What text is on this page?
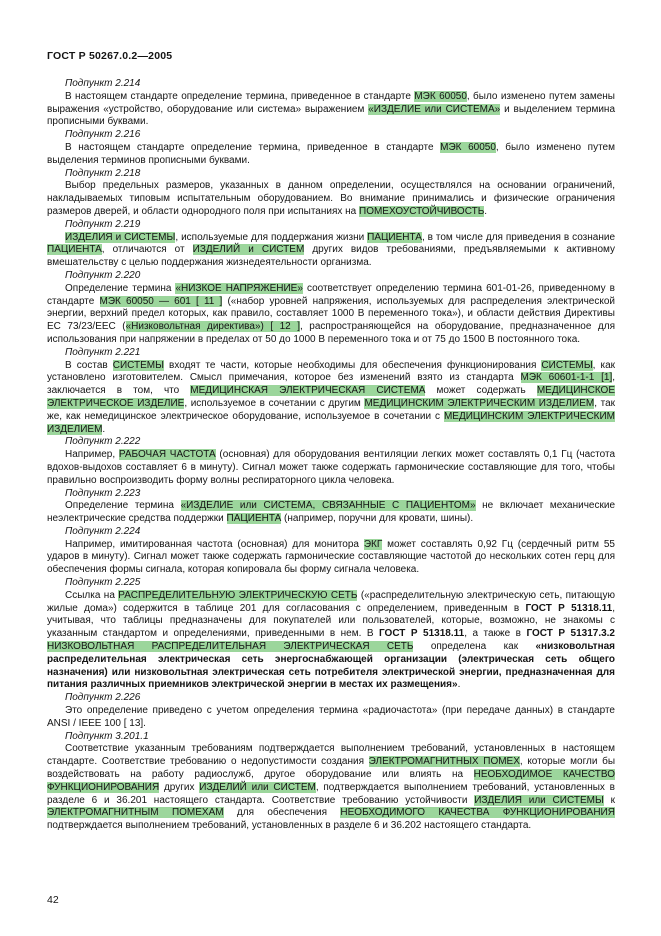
ГОСТ Р 50267.0.2—2005

Подпункт 2.214

В настоящем стандарте определение термина, приведенное в стандарте МЭК 60050, было изменено путем замены выражения «устройство, оборудование или система» выражением «ИЗДЕЛИЕ или СИСТЕМА» и выделением термина прописными буквами.

Подпункт 2.216

В настоящем стандарте определение термина, приведенное в стандарте МЭК 60050, было изменено путем выделения терминов прописными буквами.

Подпункт 2.218

Выбор предельных размеров, указанных в данном определении, осуществлялся на основании ограничений, накладываемых типовым испытательным оборудованием. Во внимание принимались и физические ограничения размеров дверей, и области однородного поля при испытаниях на ПОМЕХОУСТОЙЧИВОСТЬ.

Подпункт 2.219

ИЗДЕЛИЯ и СИСТЕМЫ, используемые для поддержания жизни ПАЦИЕНТА, в том числе для приведения в сознание ПАЦИЕНТА, отличаются от ИЗДЕЛИЙ и СИСТЕМ других видов требованиями, предъявляемыми к активному вмешательству с целью поддержания жизнедеятельности организма.

Подпункт 2.220

Определение термина «НИЗКОЕ НАПРЯЖЕНИЕ» соответствует определению термина 601-01-26, приведенному в стандарте МЭК 60050 — 601 [ 11 ] («набор уровней напряжения, используемых для распределения электрической энергии, верхний предел которых, как правило, составляет 1000 В переменного тока»), и области действия Директивы ЕС 73/23/ЕЕС («Низковольтная директива») [ 12 ], распространяющейся на оборудование, предназначенное для использования при напряжении в пределах от 50 до 1000 В переменного тока и от 75 до 1500 В постоянного тока.

Подпункт 2.221

В состав СИСТЕМЫ входят те части, которые необходимы для обеспечения функционирования СИСТЕМЫ, как установлено изготовителем. Смысл примечания, которое без изменений взято из стандарта МЭК 60601-1-1 [1], заключается в том, что МЕДИЦИНСКАЯ ЭЛЕКТРИЧЕСКАЯ СИСТЕМА может содержать МЕДИЦИНСКОЕ ЭЛЕКТРИЧЕСКОЕ ИЗДЕЛИЕ, используемое в сочетании с другим МЕДИЦИНСКИМ ЭЛЕКТРИЧЕСКИМ ИЗДЕЛИЕМ, так же, как немедицинское электрическое оборудование, используемое в сочетании с МЕДИЦИНСКИМ ЭЛЕКТРИЧЕСКИМ ИЗДЕЛИЕМ.

Подпункт 2.222

Например, РАБОЧАЯ ЧАСТОТА (основная) для оборудования вентиляции легких может составлять 0,1 Гц (частота вдохов-выдохов составляет 6 в минуту). Сигнал может также содержать гармонические составляющие для того, чтобы правильно воспроизводить форму волны респираторного цикла человека.

Подпункт 2.223

Определение термина «ИЗДЕЛИЕ или СИСТЕМА, СВЯЗАННЫЕ С ПАЦИЕНТОМ» не включает механические неэлектрические средства поддержки ПАЦИЕНТА (например, поручни для кровати, шины).

Подпункт 2.224

Например, имитированная частота (основная) для монитора ЭКГ может составлять 0,92 Гц (сердечный ритм 55 ударов в минуту). Сигнал может также содержать гармонические составляющие частотой до нескольких сотен герц для обеспечения формы сигнала, которая копировала бы форму сигнала человека.

Подпункт 2.225

Ссылка на РАСПРЕДЕЛИТЕЛЬНУЮ ЭЛЕКТРИЧЕСКУЮ СЕТЬ («распределительную электрическую сеть, питающую жилые дома») содержится в таблице 201 для согласования с определением, приведенным в ГОСТ Р 51318.11, учитывая, что таблицы предназначены для покупателей или пользователей, которые, возможно, не знакомы с указанным стандартом и определениями, приведенными в нем. В ГОСТ Р 51318.11, а также в ГОСТ Р 51317.3.2 НИЗКОВОЛЬТНАЯ РАСПРЕДЕЛИТЕЛЬНАЯ ЭЛЕКТРИЧЕСКАЯ СЕТЬ определена как «низковольтная распределительная электрическая сеть энергоснабжающей организации (электрическая сеть общего назначения) или низковольтная электрическая сеть потребителя электрической энергии, предназначенная для питания различных приемников электрической энергии в местах их размещения».

Подпункт 2.226

Это определение приведено с учетом определения термина «радиочастота» (при передаче данных) в стандарте ANSI / IEEE 100 [ 13].

Подпункт 3.201.1

Соответствие указанным требованиям подтверждается выполнением требований, установленных в настоящем стандарте. Соответствие требованию о недопустимости создания ЭЛЕКТРОМАГНИТНЫХ ПОМЕХ, которые могли бы воздействовать на работу радиослужб, другое оборудование или влиять на НЕОБХОДИМОЕ КАЧЕСТВО ФУНКЦИОНИРОВАНИЯ других ИЗДЕЛИЙ или СИСТЕМ, подтверждается выполнением требований, установленных в разделе 6 и 36.201 настоящего стандарта. Соответствие требованию устойчивости ИЗДЕЛИЯ или СИСТЕМЫ к ЭЛЕКТРОМАГНИТНЫМ ПОМЕХАМ для обеспечения НЕОБХОДИМОГО КАЧЕСТВА ФУНКЦИОНИРОВАНИЯ подтверждается выполнением требований, установленных в разделе 6 и 36.202 настоящего стандарта.

42
